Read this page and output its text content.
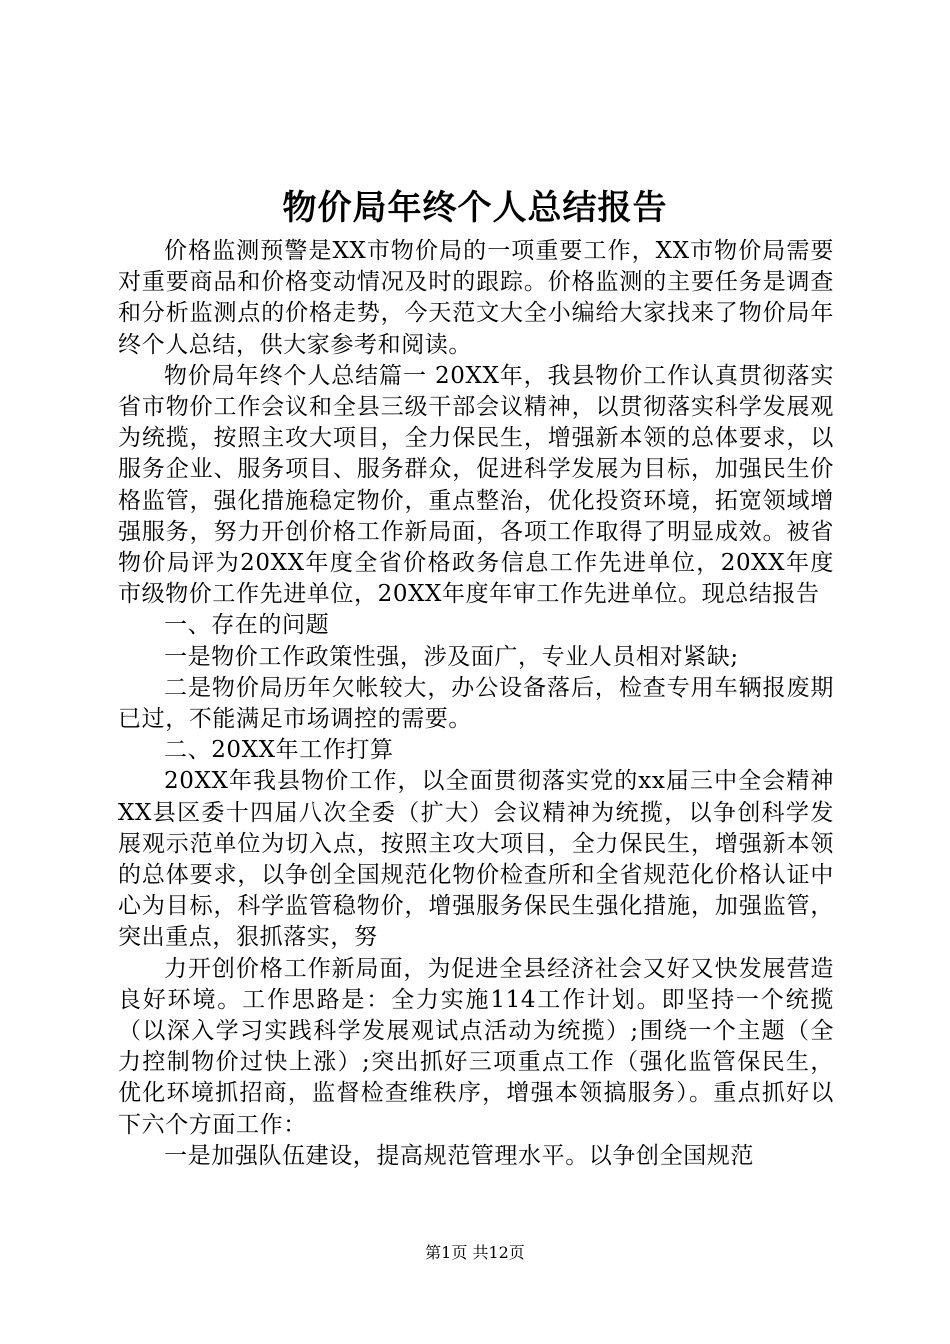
物价局年终个人总结报告

价格监测预警是XX市物价局的一项重要工作，XX市物价局需要对重要商品和价格变动情况及时的跟踪。价格监测的主要任务是调查和分析监测点的价格走势，今天范文大全小编给大家找来了物价局年终个人总结，供大家参考和阅读。

物价局年终个人总结篇一 20XX年，我县物价工作认真贯彻落实省市物价工作会议和全县三级干部会议精神，以贯彻落实科学发展观为统揽，按照主攻大项目，全力保民生，增强新本领的总体要求，以服务企业、服务项目、服务群众，促进科学发展为目标，加强民生价格监管，强化措施稳定物价，重点整治，优化投资环境，拓宽领域增强服务，努力开创价格工作新局面，各项工作取得了明显成效。被省物价局评为20XX年度全省价格政务信息工作先进单位，20XX年度市级物价工作先进单位，20XX年度年审工作先进单位。现总结报告

一、存在的问题

一是物价工作政策性强，涉及面广，专业人员相对紧缺;

二是物价局历年欠帐较大，办公设备落后，检查专用车辆报废期已过，不能满足市场调控的需要。

二、20XX年工作打算

20XX年我县物价工作，以全面贯彻落实党的xx届三中全会精神XX县区委十四届八次全委（扩大）会议精神为统揽，以争创科学发展观示范单位为切入点，按照主攻大项目，全力保民生，增强新本领的总体要求，以争创全国规范化物价检查所和全省规范化价格认证中心为目标，科学监管稳物价，增强服务保民生强化措施，加强监管，突出重点，狠抓落实，努

力开创价格工作新局面，为促进全县经济社会又好又快发展营造良好环境。工作思路是：全力实施114工作计划。即坚持一个统揽（以深入学习实践科学发展观试点活动为统揽）;围绕一个主题（全力控制物价过快上涨）;突出抓好三项重点工作（强化监管保民生，优化环境抓招商，监督检查维秩序，增强本领搞服务）。重点抓好以下六个方面工作：

一是加强队伍建设，提高规范管理水平。以争创全国规范

第1页 共12页
